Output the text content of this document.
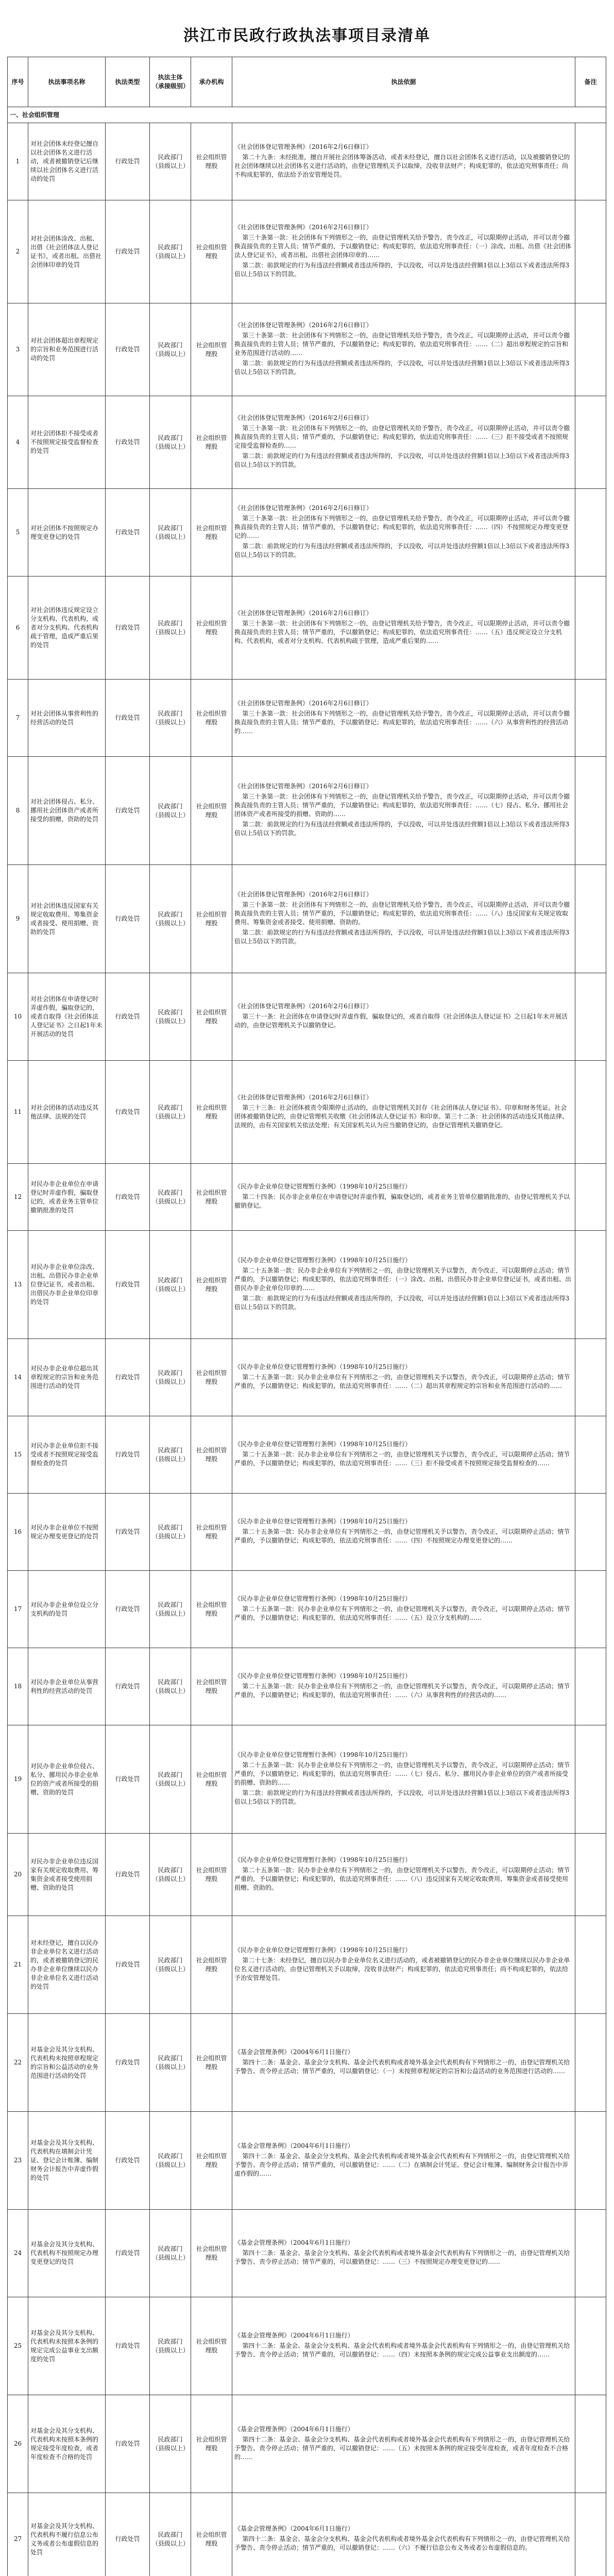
洪江市民政行政执法事项目录清单
序号	执法事项名称	执法类型	执法主体（承接级别）	承办机构	执法依据	备注
一、社会组织管理						
1	对社会团体未经登记擅自以社会团体名义进行活动，或者被撤销登记后继续以社会团体名义进行活动的处罚	行政处罚	民政部门（县级以上）	社会组织管理股	《社会团体登记管理条例》（2016年2月6日修订）
第二十九条：未经批准，擅自开展社会团体筹备活动，或者未经登记，擅自以社会团体名义进行活动，以及被撤销登记的社会团体继续以社会团体名义进行活动的，由登记管理机关予以取缔，没收非法财产；构成犯罪的，依法追究刑事责任；尚不构成犯罪的，依法给予治安管理处罚。	

2	对社会团体涂改、出租、出借《社会团体法人登记证书》，或者出租、出借社会团体印章的处罚	行政处罚	民政部门（县级以上）	社会组织管理股	《社会团体登记管理条例》（2016年2月6日修订）
第三十条第一款：社会团体有下列情形之一的，由登记管理机关给予警告，责令改正，可以限期停止活动，并可以责令撤换直接负责的主管人员；情节严重的，予以撤销登记；构成犯罪的，依法追究刑事责任：（一）涂改、出租、出借《社会团体法人登记证书》，或者出租、出借社会团体印章的……
第二款：前款规定的行为有违法经营额或者违法所得的，予以没收，可以并处违法经营额1倍以上3倍以下或者违法所得3倍以上5倍以下的罚款。	

3	对社会团体超出章程规定的宗旨和业务范围进行活动的处罚	行政处罚	民政部门（县级以上）	社会组织管理股	《社会团体登记管理条例》（2016年2月6日修订）
第三十条第一款：社会团体有下列情形之一的，由登记管理机关给予警告，责令改正，可以限期停止活动，并可以责令撤换直接负责的主管人员；情节严重的，予以撤销登记；构成犯罪的，依法追究刑事责任：……（二）超出章程规定的宗旨和业务范围进行活动的……
第二款：前款规定的行为有违法经营额或者违法所得的，予以没收，可以并处违法经营额1倍以上3倍以下或者违法所得3倍以上5倍以下的罚款。	

4	对社会团体拒不接受或者不按照规定接受监督检查的处罚	行政处罚	民政部门（县级以上）	社会组织管理股	《社会团体登记管理条例》（2016年2月6日修订）
第三十条第一款：社会团体有下列情形之一的，由登记管理机关给予警告，责令改正，可以限期停止活动，并可以责令撤换直接负责的主管人员；情节严重的，予以撤销登记；构成犯罪的，依法追究刑事责任：……（三）拒不接受或者不按照规定接受监督检查的……
第二款：前款规定的行为有违法经营额或者违法所得的，予以没收，可以并处违法经营额1倍以上3倍以下或者违法所得3倍以上5倍以下的罚款。	

5	对社会团体不按照规定办理变更登记的处罚	行政处罚	民政部门（县级以上）	社会组织管理股	《社会团体登记管理条例》（2016年2月6日修订）
第三十条第一款：社会团体有下列情形之一的，由登记管理机关给予警告，责令改正，可以限期停止活动，并可以责令撤换直接负责的主管人员；情节严重的，予以撤销登记；构成犯罪的，依法追究刑事责任：……（四）不按照规定办理变更登记的……
第二款：前款规定的行为有违法经营额或者违法所得的，予以没收，可以并处违法经营额1倍以上3倍以下或者违法所得3倍以上5倍以下的罚款。	

6	对社会团体违反规定设立分支机构、代表机构，或者对分支机构、代表机构疏于管理，造成严重后果的处罚	行政处罚	民政部门（县级以上）	社会组织管理股	《社会团体登记管理条例》（2016年2月6日修订）
第三十条第一款：社会团体有下列情形之一的，由登记管理机关给予警告，责令改正，可以限期停止活动，并可以责令撤换直接负责的主管人员；情节严重的，予以撤销登记；构成犯罪的，依法追究刑事责任：……（五）违反规定设立分支机构、代表机构，或者对分支机构、代表机构疏于管理，造成严重后果的……	

7	对社会团体从事营利性的经营活动的处罚	行政处罚	民政部门（县级以上）	社会组织管理股	《社会团体登记管理条例》（2016年2月6日修订）
第三十条第一款：社会团体有下列情形之一的，由登记管理机关给予警告，责令改正，可以限期停止活动，并可以责令撤换直接负责的主管人员；情节严重的，予以撤销登记；构成犯罪的，依法追究刑事责任：……（六）从事营利性的经营活动的……	

8	对社会团体侵占、私分、挪用社会团体资产或者所接受的捐赠、资助的处罚	行政处罚	民政部门（县级以上）	社会组织管理股	《社会团体登记管理条例》（2016年2月6日修订）
第三十条第一款：社会团体有下列情形之一的，由登记管理机关给予警告，责令改正，可以限期停止活动，并可以责令撤换直接负责的主管人员；情节严重的，予以撤销登记；构成犯罪的，依法追究刑事责任：……（七）侵占、私分、挪用社会团体资产或者所接受的捐赠、资助的……
第二款：前款规定的行为有违法经营额或者违法所得的，予以没收，可以并处违法经营额1倍以上3倍以下或者违法所得3倍以上5倍以下的罚款。	

9	对社会团体违反国家有关规定收取费用、筹集资金或者接受、使用捐赠、资助的处罚	行政处罚	民政部门（县级以上）	社会组织管理股	《社会团体登记管理条例》（2016年2月6日修订）
第三十条第一款：社会团体有下列情形之一的，由登记管理机关给予警告，责令改正，可以限期停止活动，并可以责令撤换直接负责的主管人员；情节严重的，予以撤销登记；构成犯罪的，依法追究刑事责任：……（八）违反国家有关规定收取费用、筹集资金或者接受、使用捐赠、资助的。
第二款：前款规定的行为有违法经营额或者违法所得的，予以没收，可以并处违法经营额1倍以上3倍以下或者违法所得3倍以上5倍以下的罚款。	

10	对社会团体在申请登记时弄虚作假，骗取登记的，或者自取得《社会团体法人登记证书》之日起1年未开展活动的处罚	行政处罚	民政部门（县级以上）	社会组织管理股	《社会团体登记管理条例》（2016年2月6日修订）
第三十一条：社会团体在申请登记时弄虚作假，骗取登记的，或者自取得《社会团体法人登记证书》之日起1年未开展活动的，由登记管理机关予以撤销登记。	

11	对社会团体的活动违反其他法律、法规的处罚	行政处罚	民政部门（县级以上）	社会组织管理股	《社会团体登记管理条例》（2016年2月6日修订）
第三十三条：社会团体被责令限期停止活动的，由登记管理机关封存《社会团体法人登记证书》、印章和财务凭证。社会团体被撤销登记的，由登记管理机关收缴《社会团体法人登记证书》和印章。第三十二条：社会团体的活动违反其他法律、法规的，由有关国家机关依法处理；有关国家机关认为应当撤销登记的，由登记管理机关撤销登记。	

12	对民办非企业单位在申请登记时弄虚作假，骗取登记的，或者业务主管单位撤销批准的处罚	行政处罚	民政部门（县级以上）	社会组织管理股	《民办非企业单位登记管理暂行条例》（1998年10月25日施行）
第二十四条：民办非企业单位在申请登记时弄虚作假，骗取登记的，或者业务主管单位撤销批准的，由登记管理机关予以撤销登记。	

13	对民办非企业单位涂改、出租、出借民办非企业单位登记证书，或者出租、出借民办非企业单位印章的处罚	行政处罚	民政部门（县级以上）	社会组织管理股	《民办非企业单位登记管理暂行条例》（1998年10月25日施行）
第二十五条第一款：民办非企业单位有下列情形之一的，由登记管理机关予以警告，责令改正，可以限期停止活动；情节严重的，予以撤销登记；构成犯罪的，依法追究刑事责任：（一）涂改、出租、出借民办非企业单位登记证书，或者出租、出借民办非企业单位印章的……
第二款：前款规定的行为有违法经营额或者违法所得的，予以没收，可以并处违法经营额1倍以上3倍以下或者违法所得3倍以上5倍以下的罚款。	

14	对民办非企业单位超出其章程规定的宗旨和业务范围进行活动的处罚	行政处罚	民政部门（县级以上）	社会组织管理股	《民办非企业单位登记管理暂行条例》（1998年10月25日施行）
第二十五条第一款：民办非企业单位有下列情形之一的，由登记管理机关予以警告，责令改正，可以限期停止活动；情节严重的，予以撤销登记；构成犯罪的，依法追究刑事责任：……（二）超出其章程规定的宗旨和业务范围进行活动的……	

15	对民办非企业单位拒不接受或者不按照规定接受监督检查的处罚	行政处罚	民政部门（县级以上）	社会组织管理股	《民办非企业单位登记管理暂行条例》（1998年10月25日施行）
第二十五条第一款：民办非企业单位有下列情形之一的，由登记管理机关予以警告，责令改正，可以限期停止活动；情节严重的，予以撤销登记；构成犯罪的，依法追究刑事责任：……（三）拒不接受或者不按照规定接受监督检查的……	

16	对民办非企业单位不按照规定办理变更登记的处罚	行政处罚	民政部门（县级以上）	社会组织管理股	《民办非企业单位登记管理暂行条例》（1998年10月25日施行）
第二十五条第一款：民办非企业单位有下列情形之一的，由登记管理机关予以警告，责令改正，可以限期停止活动；情节严重的，予以撤销登记；构成犯罪的，依法追究刑事责任：……（四）不按照规定办理变更登记的……	

17	对民办非企业单位设立分支机构的处罚	行政处罚	民政部门（县级以上）	社会组织管理股	《民办非企业单位登记管理暂行条例》（1998年10月25日施行）
第二十五条第一款：民办非企业单位有下列情形之一的，由登记管理机关予以警告，责令改正，可以限期停止活动；情节严重的，予以撤销登记；构成犯罪的，依法追究刑事责任：……（五）设立分支机构的……	

18	对民办非企业单位从事营利性的经营活动的处罚	行政处罚	民政部门（县级以上）	社会组织管理股	《民办非企业单位登记管理暂行条例》（1998年10月25日施行）
第二十五条第一款：民办非企业单位有下列情形之一的，由登记管理机关予以警告，责令改正，可以限期停止活动；情节严重的，予以撤销登记；构成犯罪的，依法追究刑事责任：……（六）从事营利性的经营活动的……	

19	对民办非企业单位侵占、私分、挪用民办非企业单位的资产或者所接受的捐赠、资助的处罚	行政处罚	民政部门（县级以上）	社会组织管理股	《民办非企业单位登记管理暂行条例》（1998年10月25日施行）
第二十五条第一款：民办非企业单位有下列情形之一的，由登记管理机关予以警告，责令改正，可以限期停止活动；情节严重的，予以撤销登记；构成犯罪的，依法追究刑事责任：……（七）侵占、私分、挪用民办非企业单位的资产或者所接受的捐赠、资助的……
第二款：前款规定的行为有违法经营额或者违法所得的，予以没收，可以并处违法经营额1倍以上3倍以下或者违法所得3倍以上5倍以下的罚款。	

20	对民办非企业单位违反国家有关规定收取费用、筹集资金或者接受使用捐赠、资助的处罚	行政处罚	民政部门（县级以上）	社会组织管理股	《民办非企业单位登记管理暂行条例》（1998年10月25日施行）
第二十五条第一款：民办非企业单位有下列情形之一的，由登记管理机关予以警告，责令改正，可以限期停止活动；情节严重的，予以撤销登记；构成犯罪的，依法追究刑事责任：……（八）违反国家有关规定收取费用、筹集资金或者接受使用捐赠、资助的。	

21	对未经登记，擅自以民办非企业单位名义进行活动的，或者被撤销登记的民办非企业单位继续以民办非企业单位名义进行活动的处罚	行政处罚	民政部门（县级以上）	社会组织管理股	《民办非企业单位登记管理暂行条例》（1998年10月25日施行）
第二十七条：未经登记，擅自以民办非企业单位名义进行活动的，或者被撤销登记的民办非企业单位继续以民办非企业单位名义进行活动的，由登记管理机关予以取缔，没收非法财产；构成犯罪的，依法追究刑事责任；尚不构成犯罪的，依法给予治安管理处罚。	

22	对基金会及其分支机构、代表机构未按照章程规定的宗旨和公益活动的业务范围进行活动的处罚	行政处罚	民政部门（县级以上）	社会组织管理股	《基金会管理条例》（2004年6月1日施行）
第四十二条：基金会、基金会分支机构、基金会代表机构或者境外基金会代表机构有下列情形之一的，由登记管理机关给予警告、责令停止活动；情节严重的，可以撤销登记：（一）未按照章程规定的宗旨和公益活动的业务范围进行活动的……	

23	对基金会及其分支机构、代表机构在填制会计凭证、登记会计账簿、编制财务会计报告中弄虚作假的处罚	行政处罚	民政部门（县级以上）	社会组织管理股	《基金会管理条例》（2004年6月1日施行）
第四十二条：基金会、基金会分支机构、基金会代表机构或者境外基金会代表机构有下列情形之一的，由登记管理机关给予警告、责令停止活动；情节严重的，可以撤销登记：……（二）在填制会计凭证、登记会计账簿、编制财务会计报告中弄虚作假的……	

24	对基金会及其分支机构、代表机构不按照规定办理变更登记的处罚	行政处罚	民政部门（县级以上）	社会组织管理股	《基金会管理条例》（2004年6月1日施行）
第四十二条：基金会、基金会分支机构、基金会代表机构或者境外基金会代表机构有下列情形之一的，由登记管理机关给予警告、责令停止活动；情节严重的，可以撤销登记：……（三）不按照规定办理变更登记的……	

25	对基金会及其分支机构、代表机构未按照本条例的规定完成公益事业支出额度的处罚	行政处罚	民政部门（县级以上）	社会组织管理股	《基金会管理条例》（2004年6月1日施行）
第四十二条：基金会、基金会分支机构、基金会代表机构或者境外基金会代表机构有下列情形之一的，由登记管理机关给予警告、责令停止活动；情节严重的，可以撤销登记：……（四）未按照本条例的规定完成公益事业支出额度的……	

26	对基金会及其分支机构、代表机构未按照本条例的规定接受年度检查，或者年度检查不合格的处罚	行政处罚	民政部门（县级以上）	社会组织管理股	《基金会管理条例》（2004年6月1日施行）
第四十二条：基金会、基金会分支机构、基金会代表机构或者境外基金会代表机构有下列情形之一的，由登记管理机关给予警告、责令停止活动；情节严重的，可以撤销登记：……（五）未按照本条例的规定接受年度检查，或者年度检查不合格的……	

27	对基金会及其分支机构、代表机构不履行信息公布义务或者公布虚假信息的处罚	行政处罚	民政部门（县级以上）	社会组织管理股	《基金会管理条例》（2004年6月1日施行）
第四十二条：基金会、基金会分支机构、基金会代表机构或者境外基金会代表机构有下列情形之一的，由登记管理机关给予警告、责令停止活动；情节严重的，可以撤销登记：……（六）不履行信息公布义务或者公布虚假信息的。	
